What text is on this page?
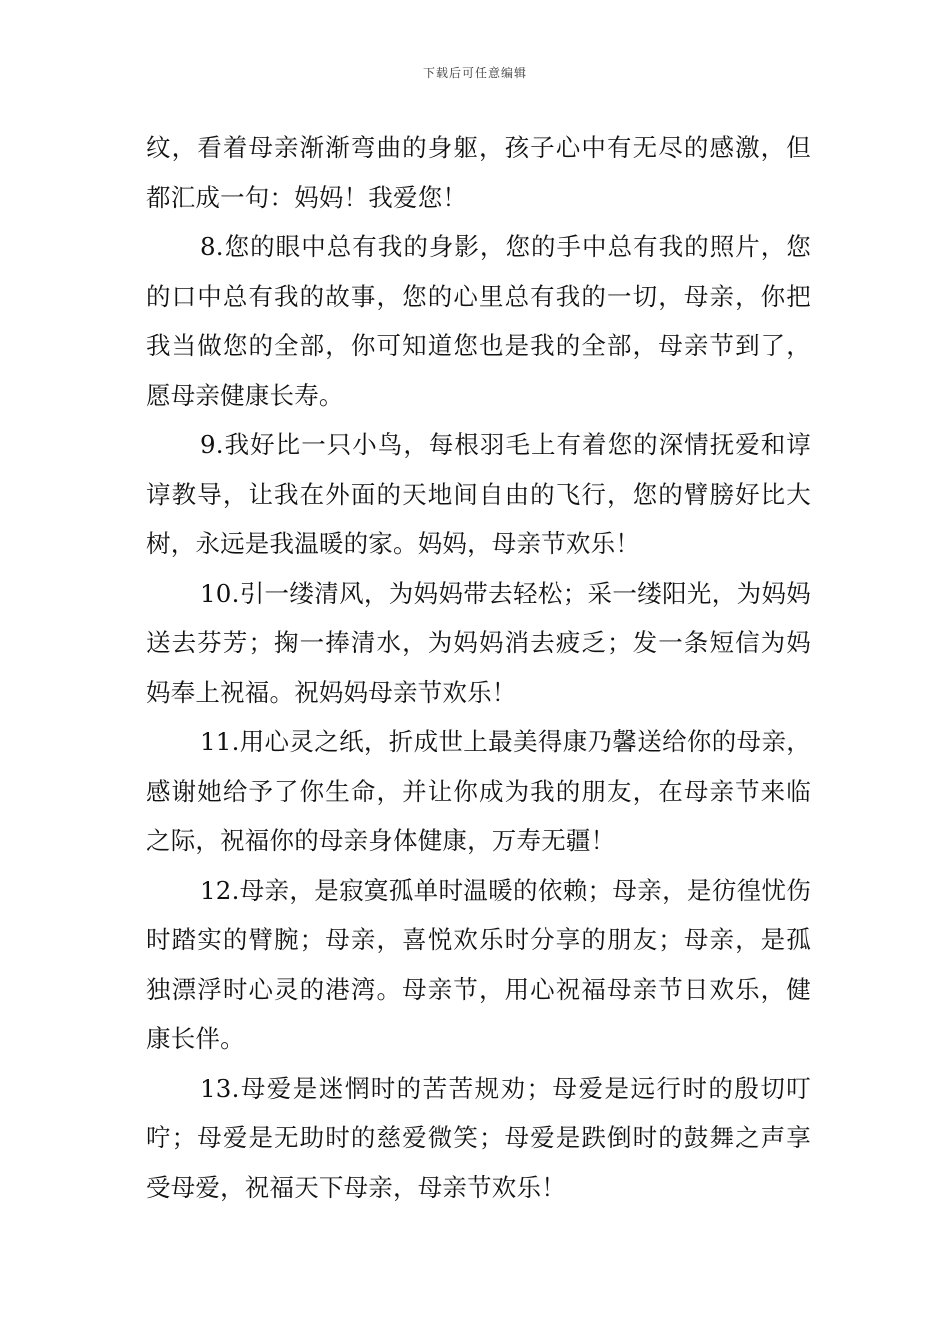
下载后可任意编辑

纹，看着母亲渐渐弯曲的身躯，孩子心中有无尽的感激，但都汇成一句：妈妈！我爱您！

8.您的眼中总有我的身影，您的手中总有我的照片，您的口中总有我的故事，您的心里总有我的一切，母亲，你把我当做您的全部，你可知道您也是我的全部，母亲节到了，愿母亲健康长寿。

9.我好比一只小鸟，每根羽毛上有着您的深情抚爱和谆谆教导，让我在外面的天地间自由的飞行，您的臂膀好比大树，永远是我温暖的家。妈妈，母亲节欢乐！

10.引一缕清风，为妈妈带去轻松；采一缕阳光，为妈妈送去芬芳；掬一捧清水，为妈妈消去疲乏；发一条短信为妈妈奉上祝福。祝妈妈母亲节欢乐！

11.用心灵之纸，折成世上最美得康乃馨送给你的母亲，感谢她给予了你生命，并让你成为我的朋友，在母亲节来临之际，祝福你的母亲身体健康，万寿无疆！

12.母亲，是寂寞孤单时温暖的依赖；母亲，是彷徨忧伤时踏实的臂腕；母亲，喜悦欢乐时分享的朋友；母亲，是孤独漂浮时心灵的港湾。母亲节，用心祝福母亲节日欢乐，健康长伴。

13.母爱是迷惘时的苦苦规劝；母爱是远行时的殷切叮咛；母爱是无助时的慈爱微笑；母爱是跌倒时的鼓舞之声享受母爱，祝福天下母亲，母亲节欢乐！
